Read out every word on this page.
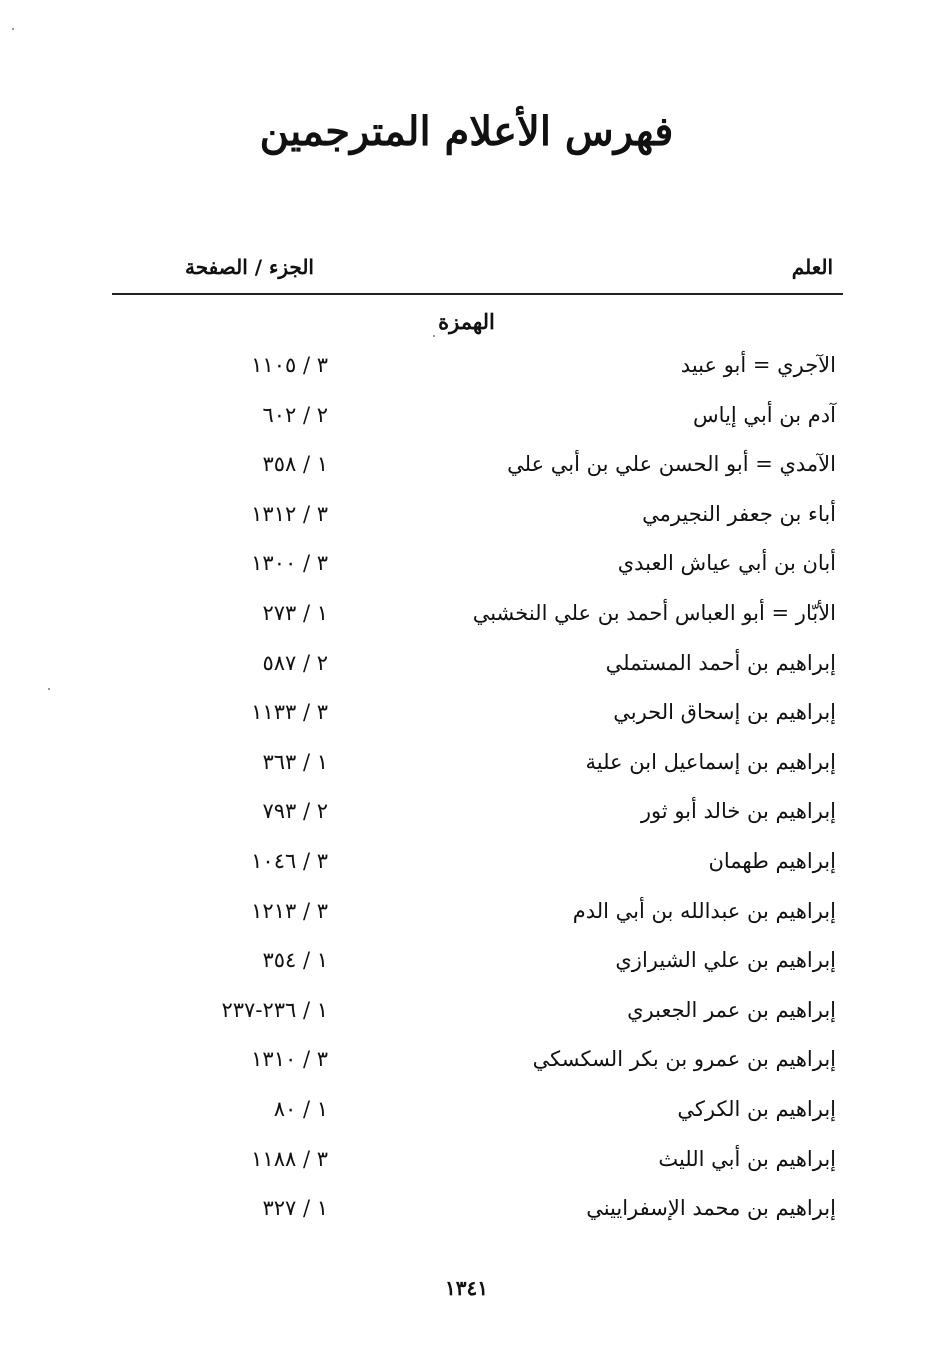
فهرس الأعلام المترجمين
العلم
الجزء / الصفحة
الهمزة
الآجري = أبو عبيد
٣ / ١١٠٥
آدم بن أبي إياس
٢ / ٦٠٢
الآمدي = أبو الحسن علي بن أبي علي
١ / ٣٥٨
أباء بن جعفر النجيرمي
٣ / ١٣١٢
أبان بن أبي عياش العبدي
٣ / ١٣٠٠
الأبّار = أبو العباس أحمد بن علي النخشبي
١ / ٢٧٣
إبراهيم بن أحمد المستملي
٢ / ٥٨٧
إبراهيم بن إسحاق الحربي
٣ / ١١٣٣
إبراهيم بن إسماعيل ابن علية
١ / ٣٦٣
إبراهيم بن خالد أبو ثور
٢ / ٧٩٣
إبراهيم طهمان
٣ / ١٠٤٦
إبراهيم بن عبدالله بن أبي الدم
٣ / ١٢١٣
إبراهيم بن علي الشيرازي
١ / ٣٥٤
إبراهيم بن عمر الجعبري
١ / ٢٣٦-٢٣٧
إبراهيم بن عمرو بن بكر السكسكي
٣ / ١٣١٠
إبراهيم بن الكركي
١ / ٨٠
إبراهيم بن أبي الليث
٣ / ١١٨٨
إبراهيم بن محمد الإسفراييني
١ / ٣٢٧
١٣٤١
